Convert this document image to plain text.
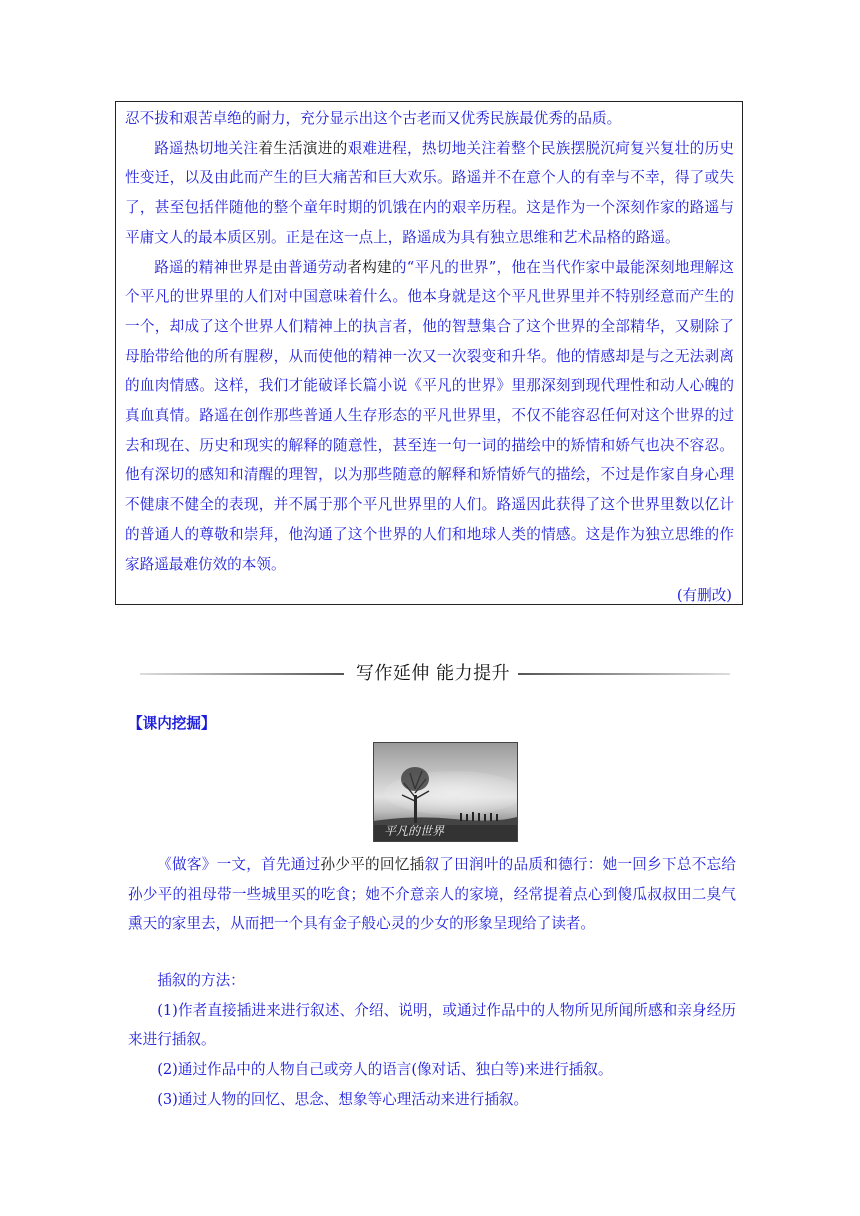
忍不拔和艰苦卓绝的耐力，充分显示出这个古老而又优秀民族最优秀的品质。

路遥热切地关注着生活演进的艰难进程，热切地关注着整个民族摆脱沉疴复兴复壮的历史性变迁，以及由此而产生的巨大痛苦和巨大欢乐。路遥并不在意个人的有幸与不幸，得了或失了，甚至包括伴随他的整个童年时期的饥饿在内的艰辛历程。这是作为一个深刻作家的路遥与平庸文人的最本质区别。正是在这一点上，路遥成为具有独立思维和艺术品格的路遥。

路遥的精神世界是由普通劳动者构建的“平凡的世界”，他在当代作家中最能深刻地理解这个平凡的世界里的人们对中国意味着什么。他本身就是这个平凡世界里并不特别经意而产生的一个，却成了这个世界人们精神上的执言者，他的智慧集合了这个世界的全部精华，又剔除了母胎带给他的所有腥秽，从而使他的精神一次又一次裂变和升华。他的情感却是与之无法剥离的血肉情感。这样，我们才能破译长篇小说《平凡的世界》里那深刻到现代理性和动人心魄的真血真情。路遥在创作那些普通人生存形态的平凡世界里，不仅不能容忍任何对这个世界的过去和现在、历史和现实的解释的随意性，甚至连一句一词的描绘中的矫情和娇气也决不容忍。他有深切的感知和清醒的理智，以为那些随意的解释和矫情娇气的描绘，不过是作家自身心理不健康不健全的表现，并不属于那个平凡世界里的人们。路遥因此获得了这个世界里数以亿计的普通人的尊敬和崇拜，他沟通了这个世界的人们和地球人类的情感。这是作为独立思维的作家路遥最难仿效的本领。

(有删改)

写作延伸 能力提升
【课内挖掘】
平凡的世界

《做客》一文，首先通过孙少平的回忆插叙了田润叶的品质和德行：她一回乡下总不忘给孙少平的祖母带一些城里买的吃食；她不介意亲人的家境，经常提着点心到傻瓜叔叔田二臭气熏天的家里去，从而把一个具有金子般心灵的少女的形象呈现给了读者。

插叙的方法：

(1)作者直接插进来进行叙述、介绍、说明，或通过作品中的人物所见所闻所感和亲身经历来进行插叙。

(2)通过作品中的人物自己或旁人的语言(像对话、独白等)来进行插叙。

(3)通过人物的回忆、思念、想象等心理活动来进行插叙。
